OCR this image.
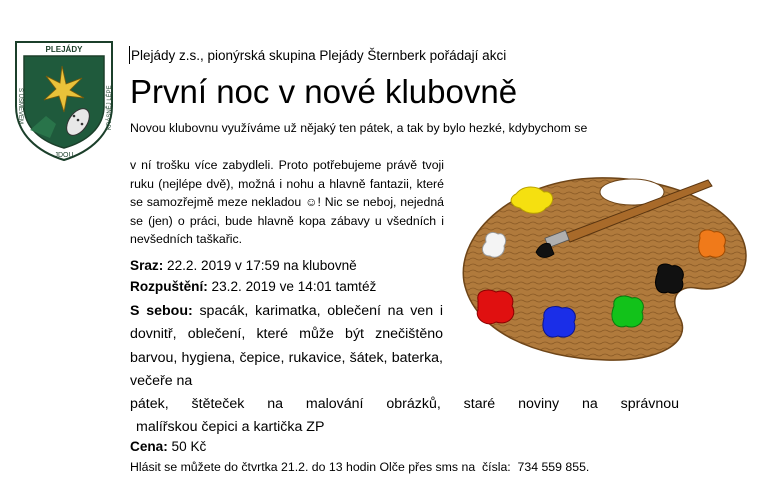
PLEJÁDY
S ÚSMĚVEM	KRÁSNĚJ LÉPE
JDOU
Plejády z.s., pionýrská skupina Plejády Šternberk pořádají akci
První noc v nové klubovně
Novou klubovnu využíváme už nějaký ten pátek, a tak by bylo hezké, kdybychom se
v ní trošku více zabydleli. Proto potřebujeme právě tvoji ruku (nejlépe dvě), možná i nohu a hlavně fantazii, které se samozřejmě meze nekladou ☺! Nic se neboj, nejedná se (jen) o práci, bude hlavně kopa zábavy u všedních i nevšedních taškařic.
Sraz: 22.2. 2019 v 17:59 na klubovně
Rozpuštění: 23.2. 2019 ve 14:01 tamtéž
S sebou: spacák, karimatka, oblečení na ven i dovnitř, oblečení, které může být znečištěno barvou, hygiena, čepice, rukavice, šátek, baterka, večeře na
pátek, štěteček na malování obrázků, staré noviny na správnou
malířskou čepici a kartička ZP
Cena: 50 Kč
Hlásit se můžete do čtvrtka 21.2. do 13 hodin Olče přes sms na  čísla:  734 559 855.
